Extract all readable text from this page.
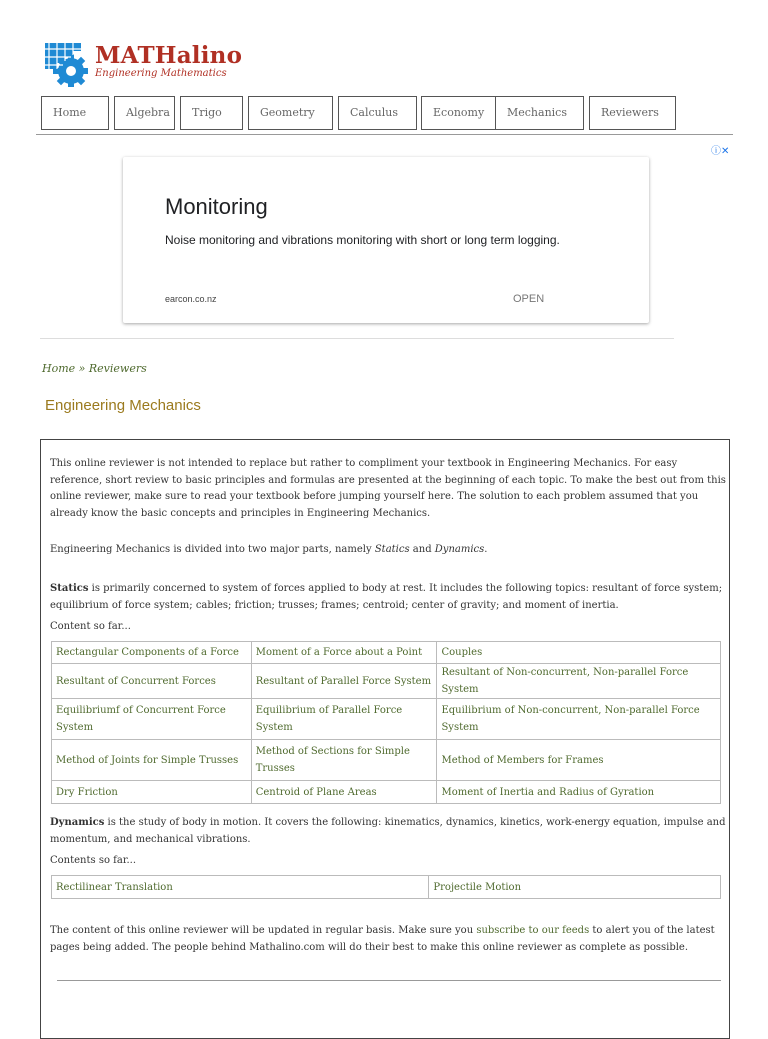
MATHalino
Engineering Mathematics
Home	Algebra	Trigo	Geometry	Calculus	Economy	Mechanics	Reviewers
ⓘ✕
Monitoring
Noise monitoring and vibrations monitoring with short or long term logging.
earcon.co.nz	OPEN
Home » Reviewers
Engineering Mechanics
This online reviewer is not intended to replace but rather to compliment your textbook in Engineering Mechanics. For easy reference, short review to basic principles and formulas are presented at the beginning of each topic. To make the best out from this online reviewer, make sure to read your textbook before jumping yourself here. The solution to each problem assumed that you already know the basic concepts and principles in Engineering Mechanics.
Engineering Mechanics is divided into two major parts, namely Statics and Dynamics.
Statics is primarily concerned to system of forces applied to body at rest. It includes the following topics: resultant of force system; equilibrium of force system; cables; friction; trusses; frames; centroid; center of gravity; and moment of inertia.
Content so far...
Rectangular Components of a Force	Moment of a Force about a Point	Couples
Resultant of Concurrent Forces	Resultant of Parallel Force System	Resultant of Non-concurrent, Non-parallel Force System
Equilibriumf of Concurrent Force System	Equilibrium of Parallel Force System	Equilibrium of Non-concurrent, Non-parallel Force System
Method of Joints for Simple Trusses	Method of Sections for Simple Trusses	Method of Members for Frames
Dry Friction	Centroid of Plane Areas	Moment of Inertia and Radius of Gyration
Dynamics is the study of body in motion. It covers the following: kinematics, dynamics, kinetics, work-energy equation, impulse and momentum, and mechanical vibrations.
Contents so far...
Rectilinear Translation	Projectile Motion
The content of this online reviewer will be updated in regular basis. Make sure you subscribe to our feeds to alert you of the latest pages being added. The people behind Mathalino.com will do their best to make this online reviewer as complete as possible.
